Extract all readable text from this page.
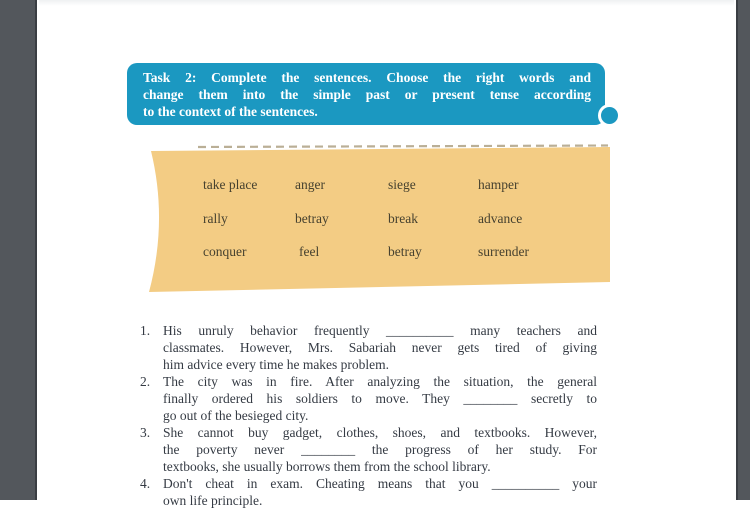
Task 2: Complete the sentences. Choose the right words and
change them into the simple past or present tense according
to the context of the sentences.
take place	anger	siege	hamper
rally	betray	break	advance
conquer	feel	betray	surrender
1. His unruly behavior frequently __________ many teachers and
classmates. However, Mrs. Sabariah never gets tired of giving
him advice every time he makes problem.
2. The city was in fire. After analyzing the situation, the general
finally ordered his soldiers to move. They ________ secretly to
go out of the besieged city.
3. She cannot buy gadget, clothes, shoes, and textbooks. However,
the poverty never ________ the progress of her study. For
textbooks, she usually borrows them from the school library.
4. Don't cheat in exam. Cheating means that you __________ your
own life principle.
